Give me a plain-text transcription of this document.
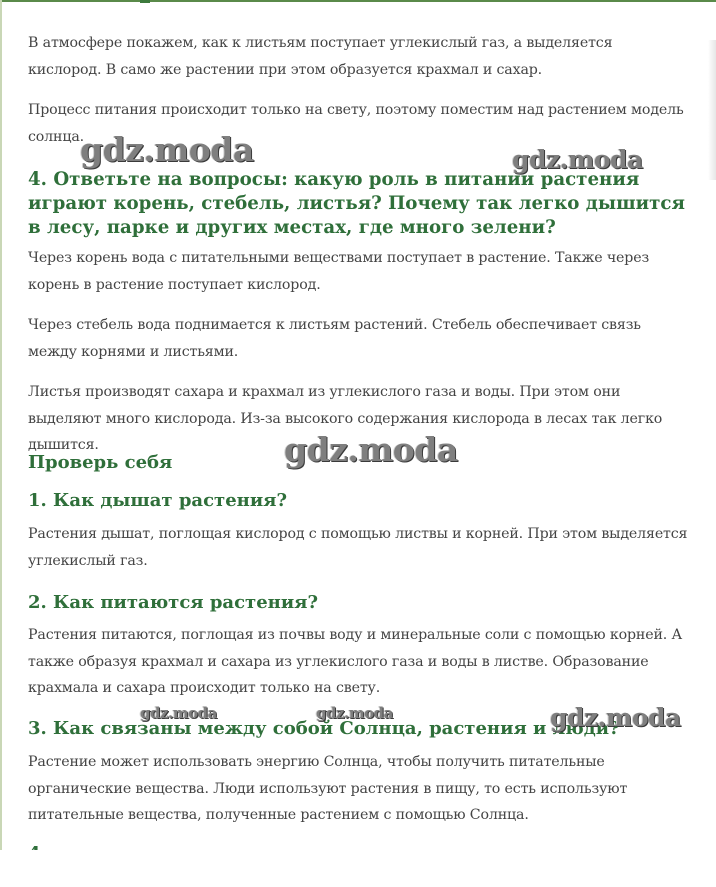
В атмосфере покажем, как к листьям поступает углекислый газ, а выделяется кислород. В само же растении при этом образуется крахмал и сахар.

Процесс питания происходит только на свету, поэтому поместим над растением модель солнца.

4. Ответьте на вопросы: какую роль в питании растения играют корень, стебель, листья? Почему так легко дышится в лесу, парке и других местах, где много зелени?

Через корень вода с питательными веществами поступает в растение. Также через корень в растение поступает кислород.

Через стебель вода поднимается к листьям растений. Стебель обеспечивает связь между корнями и листьями.

Листья производят сахара и крахмал из углекислого газа и воды. При этом они выделяют много кислорода. Из-за высокого содержания кислорода в лесах так легко дышится.

Проверь себя
1. Как дышат растения?

Растения дышат, поглощая кислород с помощью листвы и корней. При этом выделяется углекислый газ.

2. Как питаются растения?

Растения питаются, поглощая из почвы воду и минеральные соли с помощью корней. А также образуя крахмал и сахара из углекислого газа и воды в листве. Образование крахмала и сахара происходит только на свету.

3. Как связаны между собой Солнца, растения и люди?

Растение может использовать энергию Солнца, чтобы получить питательные органические вещества. Люди используют растения в пищу, то есть используют питательные вещества, полученные растением с помощью Солнца.

gdz.moda	gdz.moda
gdz.moda
gdz.moda	gdz.moda	gdz.moda
